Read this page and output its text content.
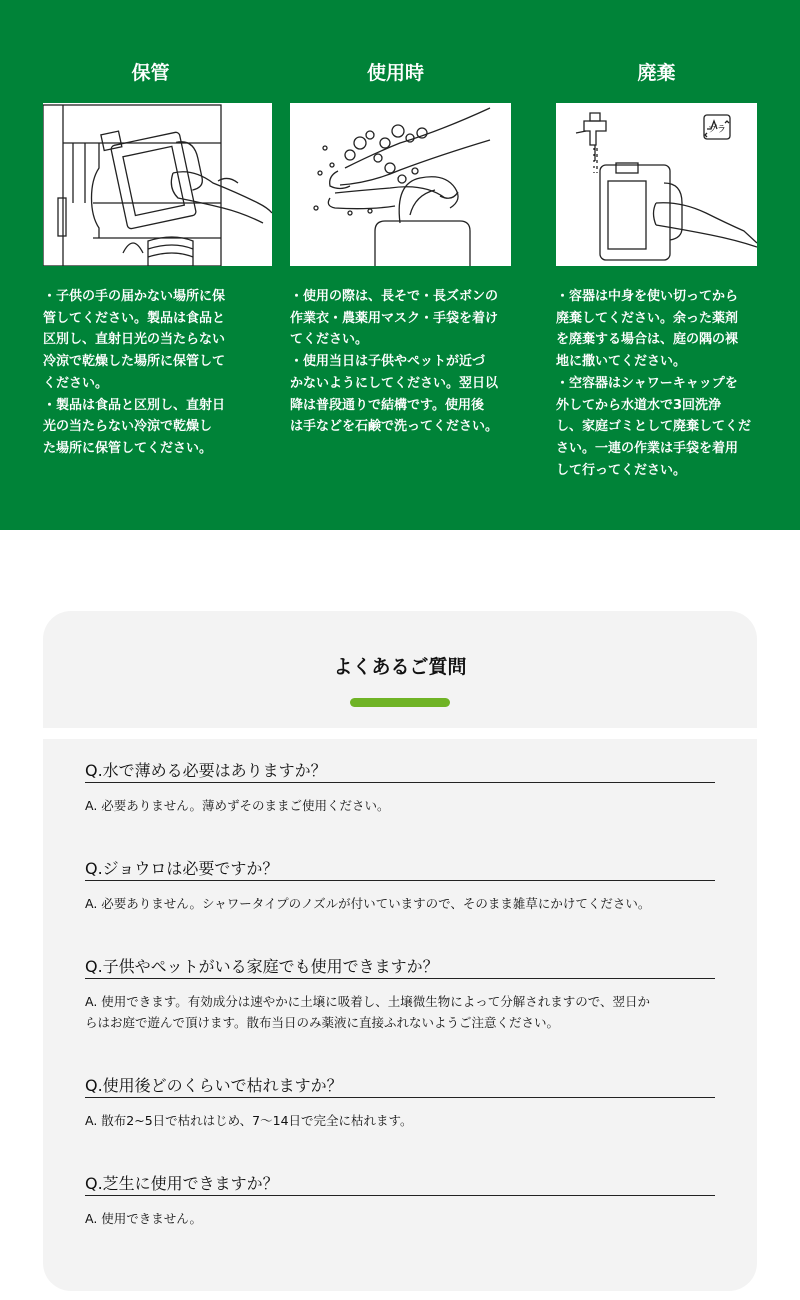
保管
・子供の手の届かない場所に保
管してください。製品は食品と
区別し、直射日光の当たらない
冷涼で乾燥した場所に保管して
ください。
・製品は食品と区別し、直射日
光の当たらない冷涼で乾燥し
た場所に保管してください。
使用時
・使用の際は、長そで・長ズボンの
作業衣・農薬用マスク・手袋を着け
てください。
・使用当日は子供やペットが近づ
かないようにしてください。翌日以
降は普段通りで結構です。使用後
は手などを石鹸で洗ってください。
廃棄
プラ
・容器は中身を使い切ってから
廃棄してください。余った薬剤
を廃棄する場合は、庭の隅の裸
地に撒いてください。
・空容器はシャワーキャップを
外してから水道水で3回洗浄
し、家庭ゴミとして廃棄してくだ
さい。一連の作業は手袋を着用
して行ってください。
よくあるご質問
Q.水で薄める必要はありますか？
A. 必要ありません。薄めずそのままご使用ください。
Q.ジョウロは必要ですか？
A. 必要ありません。シャワータイプのノズルが付いていますので、そのまま雑草にかけてください。
Q.子供やペットがいる家庭でも使用できますか？
A. 使用できます。有効成分は速やかに土壌に吸着し、土壌微生物によって分解されますので、翌日か
らはお庭で遊んで頂けます。散布当日のみ薬液に直接ふれないようご注意ください。
Q.使用後どのくらいで枯れますか？
A. 散布2~5日で枯れはじめ、7〜14日で完全に枯れます。
Q.芝生に使用できますか？
A. 使用できません。
